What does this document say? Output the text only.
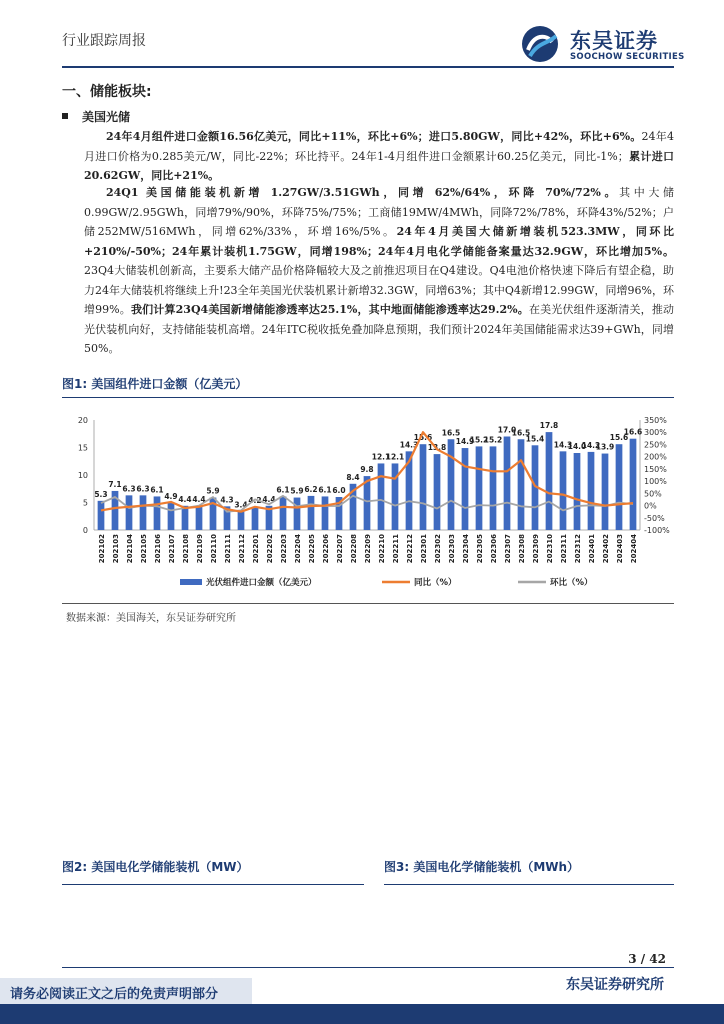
行业跟踪周报	东吴证券
SOOCHOW SECURITIES
一、储能板块:
美国光储
24年4月组件进口金额16.56亿美元，同比+11%，环比+6%；进口5.80GW，同比+42%，环比+6%。24年4月进口价格为0.285美元/W，同比-22%；环比持平。24年1-4月组件进口金额累计60.25亿美元，同比-1%；累计进口20.62GW，同比+21%。
24Q1 美国储能装机新增 1.27GW/3.51GWh，同增 62%/64%，环降 70%/72%。其中大储 0.99GW/2.95GWh，同增79%/90%，环降75%/75%；工商储19MW/4MWh，同降72%/78%，环降43%/52%；户储252MW/516MWh，同增62%/33%，环增16%/5%。24年4月美国大储新增装机523.3MW，同环比+210%/-50%；24年累计装机1.75GW，同增198%；24年4月电化学储能备案量达32.9GW，环比增加5%。23Q4大储装机创新高，主要系大储产品价格降幅较大及之前推迟项目在Q4建设。Q4电池价格快速下降后有望企稳，助力24年大储装机将继续上升!23全年美国光伏装机累计新增32.3GW，同增63%；其中Q4新增12.99GW，同增96%，环增99%。我们计算23Q4美国新增储能渗透率达25.1%，其中地面储能渗透率达29.2%。在美光伏组件逐渐清关，推动光伏装机向好，支持储能装机高增。24年ITC税收抵免叠加降息预期，我们预计2024年美国储能需求达39+GWh，同增50%。
图1: 美国组件进口金额（亿美元）
0
5
10
15
20
-100%
-50%
0%
50%
100%
150%
200%
250%
300%
350%
5.3
7.1 6.3 6.3 6.1
4.9 4.4 4.4
5.9
4.3
3.4 4.2 4.4
6.1 5.9 6.2 6.1 6.0
8.4
9.8
12.1
12.1
14.3
15.6
13.8
16.5
14.9
15.2
15.2
17.0
16.5
15.4
17.8
14.3
14.0
14.2
13.9
15.6
16.6
202102 202103 202104 202105 202106 202107 202108 202109 202110 202111 202112 202201 202202 202203 202204 202205 202206 202207 202208 202209 202210 202211 202212 202301 202302 202303 202304 202305 202306 202307 202308 202309 202310 202311 202312 202401 202402 202403 202404
光伏组件进口金额（亿美元）	同比（%）	环比（%）
数据来源：美国海关，东吴证券研究所
图2: 美国电化学储能装机（MW）	图3: 美国电化学储能装机（MWh）
3 / 42
东吴证券研究所
请务必阅读正文之后的免责声明部分
